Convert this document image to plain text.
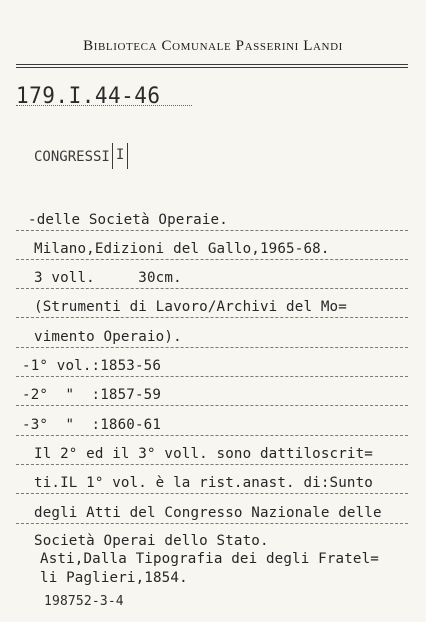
Biblioteca Comunale Passerini Landi
179.I.44-46
CONGRESSI I
-delle Società Operaie.
Milano,Edizioni del Gallo,1965-68.
3 voll.     30cm.
(Strumenti di Lavoro/Archivi del Mo=
vimento Operaio).
-1° vol.:1853-56
-2°  "  :1857-59
-3°  "  :1860-61
Il 2° ed il 3° voll. sono dattiloscrit=
ti.IL 1° vol. è la rist.anast. di:Sunto
degli Atti del Congresso Nazionale delle
Società Operai dello Stato.
Asti,Dalla Tipografia dei degli Fratel=
li Paglieri,1854.
198752-3-4
